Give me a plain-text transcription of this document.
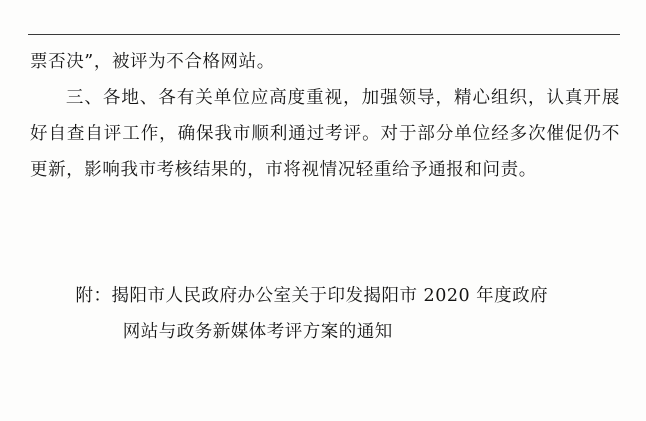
票否决”，被评为不合格网站。

三、各地、各有关单位应高度重视，加强领导，精心组织，认真开展好自查自评工作，确保我市顺利通过考评。对于部分单位经多次催促仍不更新，影响我市考核结果的，市将视情况轻重给予通报和问责。

附：揭阳市人民政府办公室关于印发揭阳市 2020 年度政府

网站与政务新媒体考评方案的通知
